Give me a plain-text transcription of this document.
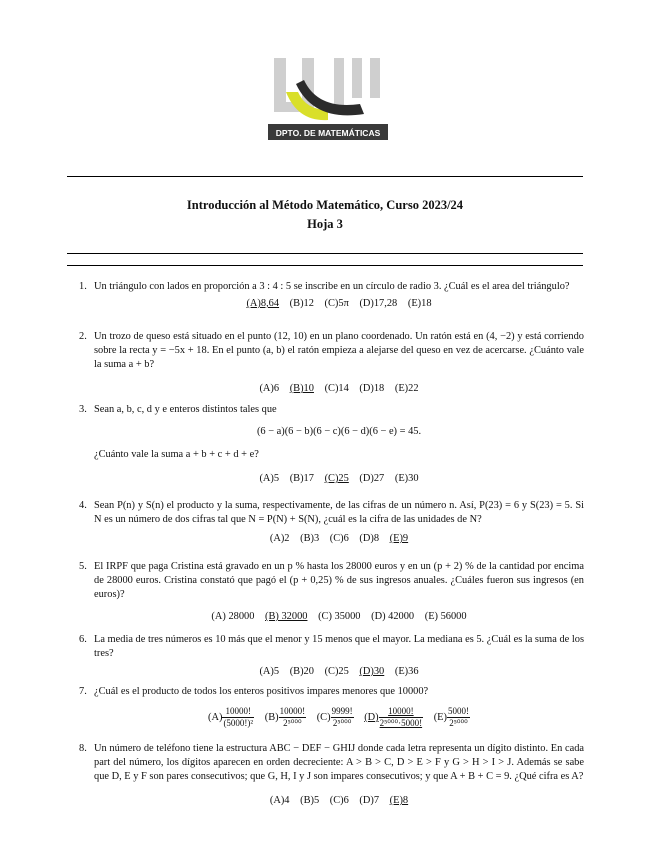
DPTO. DE MATEMÁTICAS
Introducción al Método Matemático, Curso 2023/24
Hoja 3
1. Un triángulo con lados en proporción a 3 : 4 : 5 se inscribe en un círculo de radio 3. ¿Cuál es el area del triángulo?
(A)8,64 (B)12 (C)5π (D)17,28 (E)18
2. Un trozo de queso está situado en el punto (12, 10) en un plano coordenado. Un ratón está en (4, −2) y está corriendo sobre la recta y = −5x + 18. En el punto (a, b) el ratón empieza a alejarse del queso en vez de acercarse. ¿Cuánto vale la suma a + b?
(A)6 (B)10 (C)14 (D)18 (E)22
3. Sean a, b, c, d y e enteros distintos tales que
(6 − a)(6 − b)(6 − c)(6 − d)(6 − e) = 45.
¿Cuánto vale la suma a + b + c + d + e?
(A)5 (B)17 (C)25 (D)27 (E)30
4. Sean P(n) y S(n) el producto y la suma, respectivamente, de las cifras de un número n. Así, P(23) = 6 y S(23) = 5. Si N es un número de dos cifras tal que N = P(N) + S(N), ¿cuál es la cifra de las unidades de N?
(A)2 (B)3 (C)6 (D)8 (E)9
5. El IRPF que paga Cristina está gravado en un p % hasta los 28000 euros y en un (p + 2) % de la cantidad por encima de 28000 euros. Cristina constató que pagó el (p + 0,25) % de sus ingresos anuales. ¿Cuáles fueron sus ingresos (en euros)?
(A) 28000 (B) 32000 (C) 35000 (D) 42000 (E) 56000
6. La media de tres números es 10 más que el menor y 15 menos que el mayor. La mediana es 5. ¿Cuál es la suma de los tres?
(A)5 (B)20 (C)25 (D)30 (E)36
7. ¿Cuál es el producto de todos los enteros positivos impares menores que 10000?
$(A) \frac{10000!}{\text{(5000!)²}} (B) \frac{10000!}{\text{2⁵⁰⁰⁰}} (C) \frac{9999!}{\text{2⁵⁰⁰⁰}} (D) \frac{10000!}{\text{2⁵⁰⁰⁰·5000!}} (E) \frac{5000!}{\text{2⁵⁰⁰⁰}}$
8. Un número de teléfono tiene la estructura ABC − DEF − GHIJ donde cada letra representa un dígito distinto. En cada part del número, los dígitos aparecen en orden decreciente: A > B > C, D > E > F y G > H > I > J. Además se sabe que D, E y F son pares consecutivos; que G, H, I y J son impares consecutivos; y que A + B + C = 9. ¿Qué cifra es A?
(A)4 (B)5 (C)6 (D)7 (E)8
